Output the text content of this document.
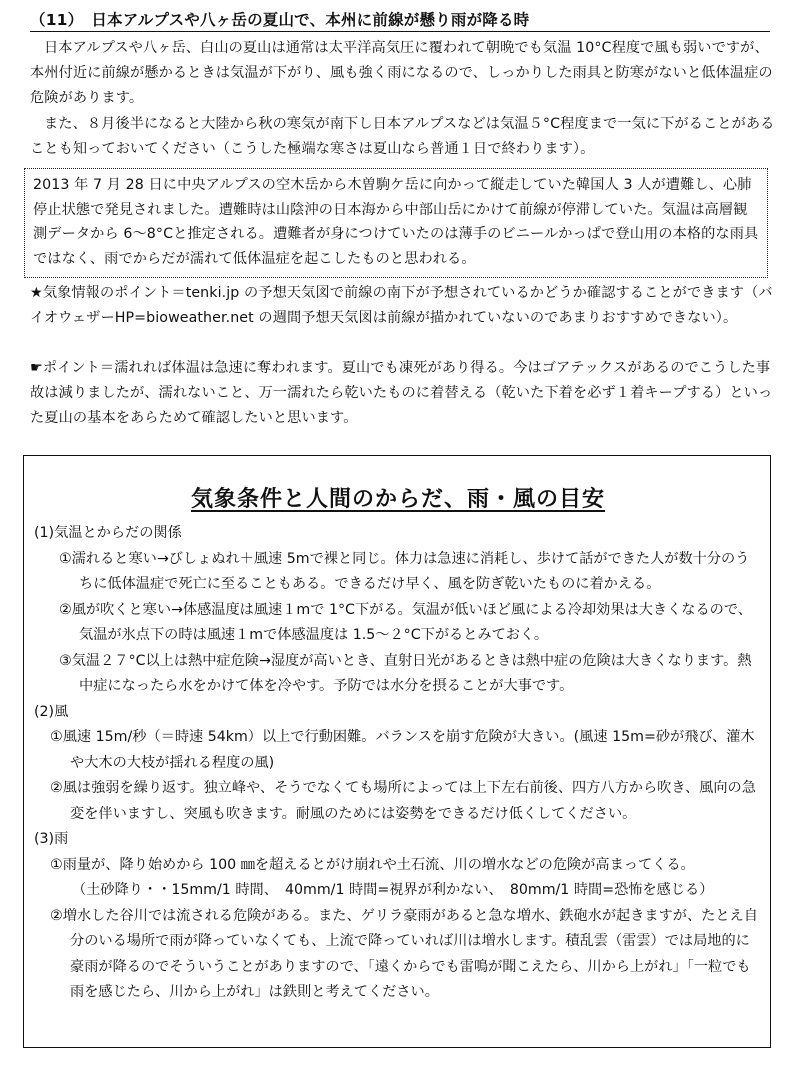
（11）　日本アルプスや八ヶ岳の夏山で、本州に前線が懸り雨が降る時

日本アルプスや八ヶ岳、白山の夏山は通常は太平洋高気圧に覆われて朝晩でも気温 10°C程度で風も弱いですが、本州付近に前線が懸かるときは気温が下がり、風も強く雨になるので、しっかりした雨具と防寒がないと低体温症の危険があります。

また、８月後半になると大陸から秋の寒気が南下し日本アルプスなどは気温５°C程度まで一気に下がることがあることも知っておいてください（こうした極端な寒さは夏山なら普通１日で終わります）。

2013 年 7 月 28 日に中央アルプスの空木岳から木曽駒ケ岳に向かって縦走していた韓国人 3 人が遭難し、心肺停止状態で発見されました。遭難時は山陰沖の日本海から中部山岳にかけて前線が停滞していた。気温は高層観測データから 6～8°Cと推定される。遭難者が身につけていたのは薄手のビニールかっぱで登山用の本格的な雨具ではなく、雨でからだが濡れて低体温症を起こしたものと思われる。

★気象情報のポイント＝tenki.jp の予想天気図で前線の南下が予想されているかどうか確認することができます（バイオウェザーHP=bioweather.net の週間予想天気図は前線が描かれていないのであまりおすすめできない）。

☛ポイント＝濡れれば体温は急速に奪われます。夏山でも凍死があり得る。今はゴアテックスがあるのでこうした事故は減りましたが、濡れないこと、万一濡れたら乾いたものに着替える（乾いた下着を必ず１着キープする）といった夏山の基本をあらためて確認したいと思います。

気象条件と人間のからだ、雨・風の目安

(1)気温とからだの関係

①濡れると寒い→びしょぬれ＋風速 5mで裸と同じ。体力は急速に消耗し、歩けて話ができた人が数十分のうちに低体温症で死亡に至ることもある。できるだけ早く、風を防ぎ乾いたものに着かえる。

②風が吹くと寒い→体感温度は風速１mで 1°C下がる。気温が低いほど風による冷却効果は大きくなるので、気温が氷点下の時は風速１mで体感温度は 1.5～２°C下がるとみておく。

③気温２７°C以上は熱中症危険→湿度が高いとき、直射日光があるときは熱中症の危険は大きくなります。熱中症になったら水をかけて体を冷やす。予防では水分を摂ることが大事です。

(2)風

①風速 15m/秒（＝時速 54km）以上で行動困難。バランスを崩す危険が大きい。(風速 15m=砂が飛び、灌木や大木の大枝が揺れる程度の風)

②風は強弱を繰り返す。独立峰や、そうでなくても場所によっては上下左右前後、四方八方から吹き、風向の急変を伴いますし、突風も吹きます。耐風のためには姿勢をできるだけ低くしてください。

(3)雨

①雨量が、降り始めから 100 ㎜を超えるとがけ崩れや土石流、川の増水などの危険が高まってくる。

（土砂降り・・15mm/1 時間、　40mm/1 時間=視界が利かない、　80mm/1 時間=恐怖を感じる）

②増水した谷川では流される危険がある。また、ゲリラ豪雨があると急な増水、鉄砲水が起きますが、たとえ自分のいる場所で雨が降っていなくても、上流で降っていれば川は増水します。積乱雲（雷雲）では局地的に豪雨が降るのでそういうことがありますので、「遠くからでも雷鳴が聞こえたら、川から上がれ」「一粒でも雨を感じたら、川から上がれ」は鉄則と考えてください。
